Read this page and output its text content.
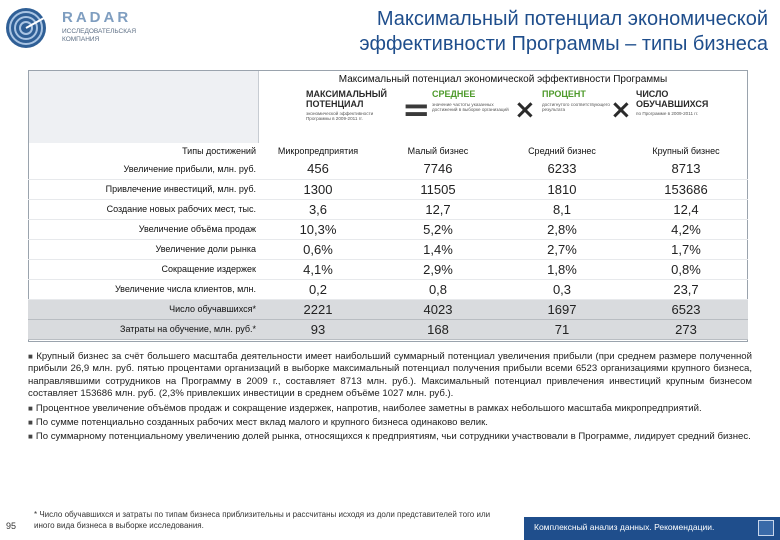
RADAR
ИССЛЕДОВАТЕЛЬСКАЯ КОМПАНИЯ
Максимальный потенциал экономической эффективности Программы – типы бизнеса
Максимальный потенциал экономической эффективности Программы
МАКСИМАЛЬНЫЙ ПОТЕНЦИАЛ
экономической эффективности Программы в 2009-2011 гг.	= СРЕДНЕЕ
значение частоты указанных достижений в выборке организаций ×
ПРОЦЕНТ
достигнутого соответствующего результата	×
ЧИСЛО ОБУЧАВШИХСЯ
по Программе в 2009-2011 гг.
Типы достижений	Микропредприятия	Малый бизнес	Средний бизнес	Крупный бизнес
Увеличение прибыли, млн. руб.	456	7746	6233	8713
Привлечение инвестиций, млн. руб.	1300	11505	1810	153686
Создание новых рабочих мест, тыс.	3,6	12,7	8,1	12,4
Увеличение объёма продаж	10,3%	5,2%	2,8%	4,2%
Увеличение доли рынка	0,6%	1,4%	2,7%	1,7%
Сокращение издержек	4,1%	2,9%	1,8%	0,8%
Увеличение числа клиентов, млн.	0,2	0,8	0,3	23,7
Число обучавшихся*	2221	4023	1697	6523
Затраты на обучение, млн. руб.*	93	168	71	273

■ Крупный бизнес за счёт большего масштаба деятельности имеет наибольший суммарный потенциал увеличения прибыли (при среднем размере полученной прибыли 26,9 млн. руб. пятью процентами организаций в выборке максимальный потенциал получения прибыли всеми 6523 организациями крупного бизнеса, направлявшими сотрудников на Программу в 2009 г., составляет 8713 млн. руб.). Максимальный потенциал привлечения инвестиций крупным бизнесом составляет 153686 млн. руб. (2,3% привлекших инвестиции в среднем объёме 1027 млн. руб.).

■ Процентное увеличение объёмов продаж и сокращение издержек, напротив, наиболее заметны в рамках небольшого масштаба микропредприятий.

■ По сумме потенциально созданных рабочих мест вклад малого и крупного бизнеса одинаково велик.

■ По суммарному потенциальному увеличению долей рынка, относящихся к предприятиям, чьи сотрудники участвовали в Программе, лидирует средний бизнес.

* Число обучавшихся и затраты по типам бизнеса приблизительны и рассчитаны исходя из доли представителей того или иного вида бизнеса в выборке исследования.
95	Комплексный анализ данных. Рекомендации.
